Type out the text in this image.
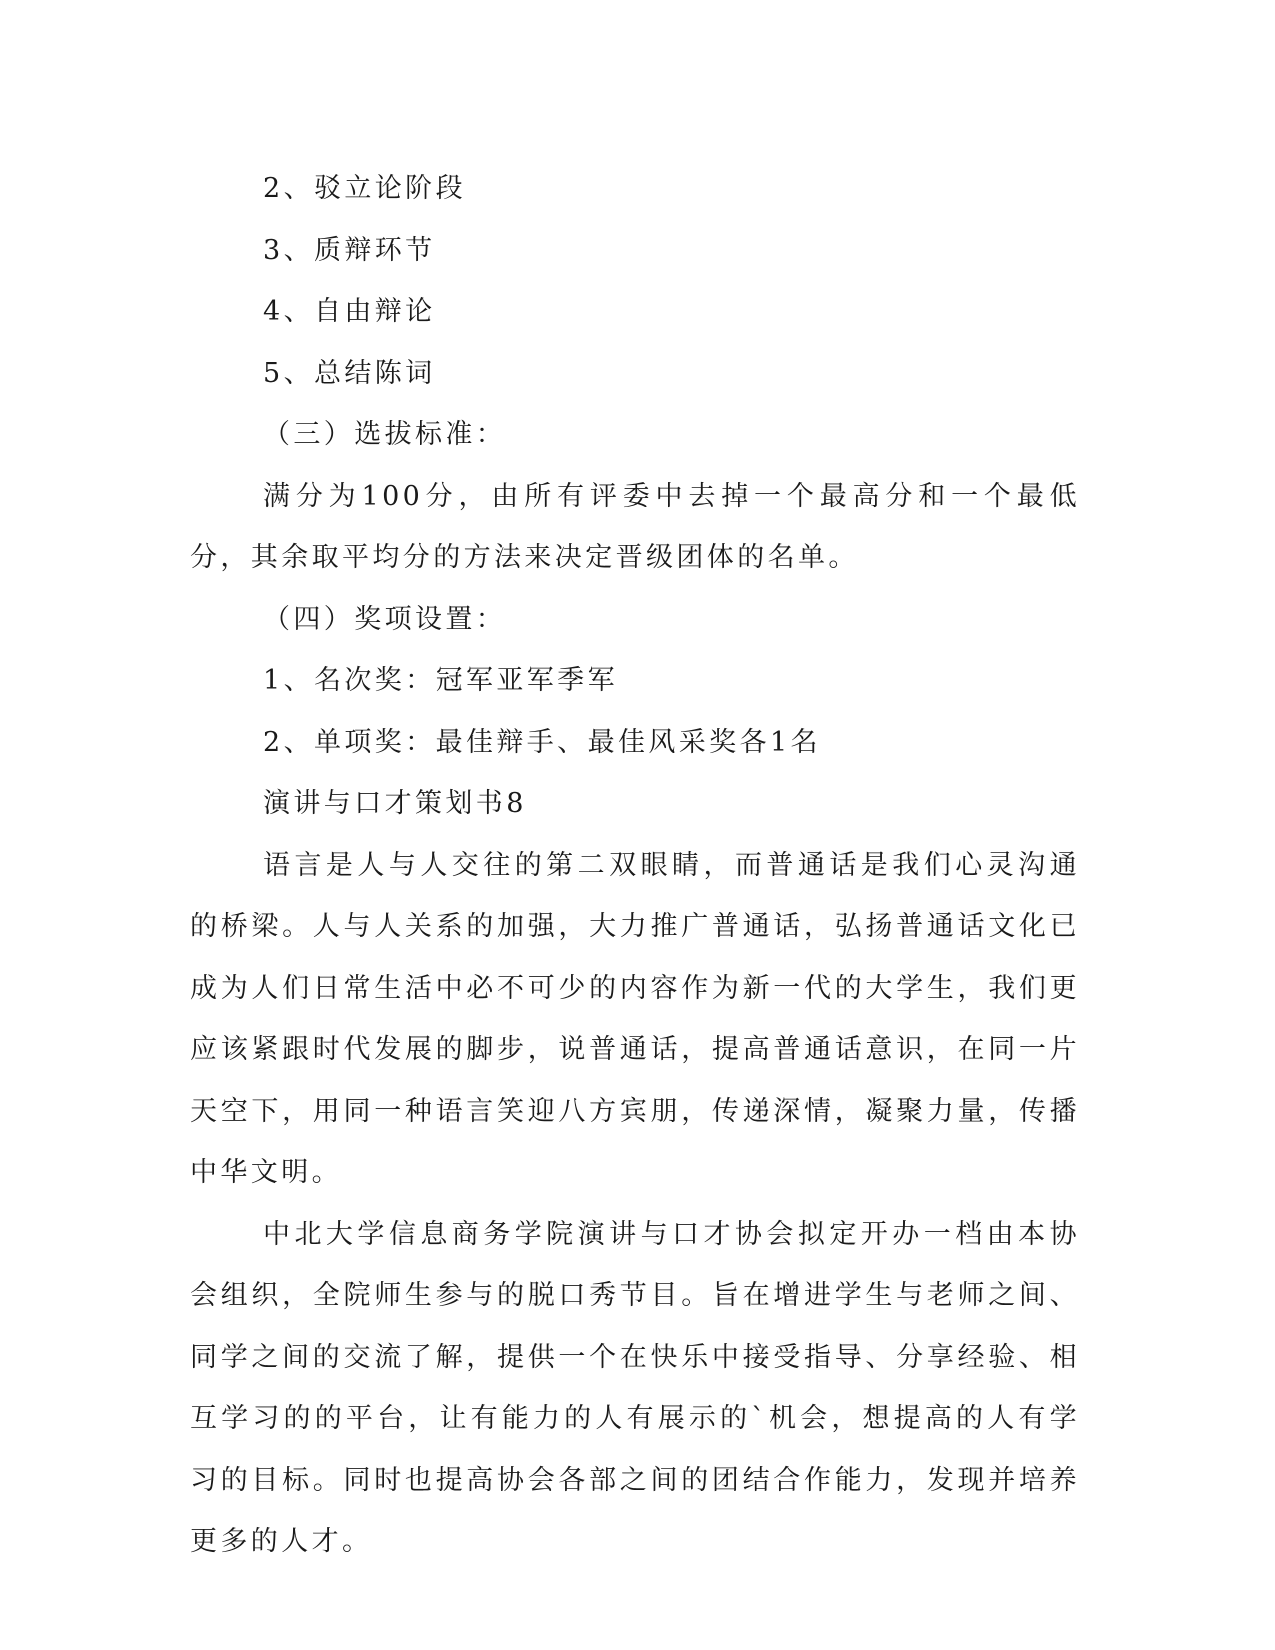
2、驳立论阶段
3、质辩环节
4、自由辩论
5、总结陈词
（三）选拔标准：

满分为100分，由所有评委中去掉一个最高分和一个最低分，其余取平均分的方法来决定晋级团体的名单。

（四）奖项设置：
1、名次奖：冠军亚军季军
2、单项奖：最佳辩手、最佳风采奖各1名
演讲与口才策划书8

语言是人与人交往的第二双眼睛，而普通话是我们心灵沟通的桥梁。人与人关系的加强，大力推广普通话，弘扬普通话文化已成为人们日常生活中必不可少的内容作为新一代的大学生，我们更应该紧跟时代发展的脚步，说普通话，提高普通话意识，在同一片天空下，用同一种语言笑迎八方宾朋，传递深情，凝聚力量，传播中华文明。

中北大学信息商务学院演讲与口才协会拟定开办一档由本协会组织，全院师生参与的脱口秀节目。旨在增进学生与老师之间、同学之间的交流了解，提供一个在快乐中接受指导、分享经验、相互学习的的平台，让有能力的人有展示的`机会，想提高的人有学习的目标。同时也提高协会各部之间的团结合作能力，发现并培养更多的人才。
